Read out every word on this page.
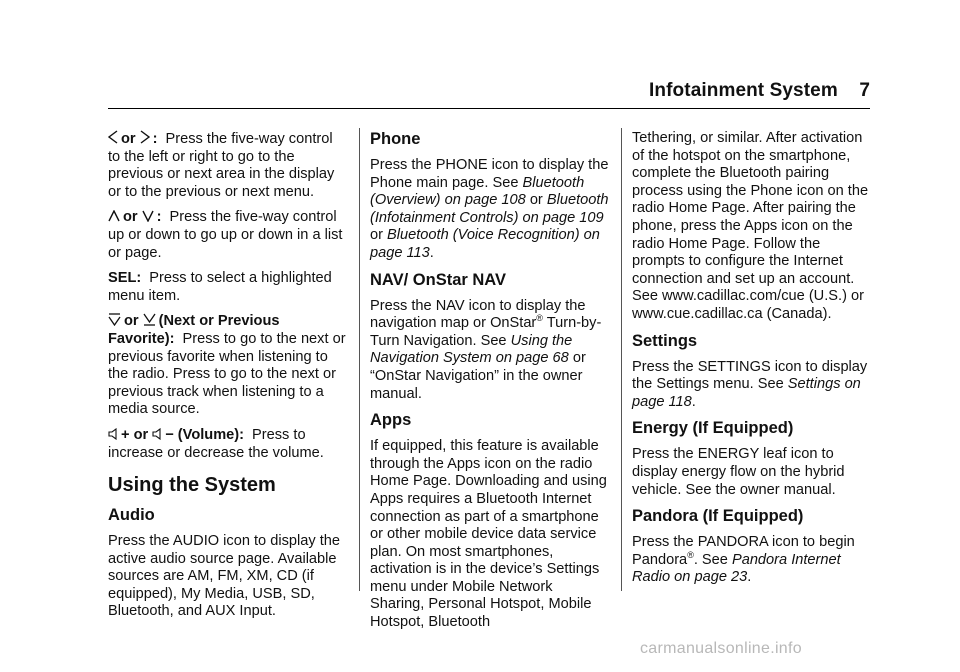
Infotainment System 7

or : Press the five-way control to the left or right to go to the previous or next area in the display or to the previous or next menu.

or : Press the five-way control up or down to go up or down in a list or page.

SEL: Press to select a highlighted menu item.

or (Next or Previous Favorite): Press to go to the next or previous favorite when listening to the radio. Press to go to the next or previous track when listening to a media source.

+ or − (Volume): Press to increase or decrease the volume.

Using the System
Audio

Press the AUDIO icon to display the active audio source page. Available sources are AM, FM, XM, CD (if equipped), My Media, USB, SD, Bluetooth, and AUX Input.

Phone

Press the PHONE icon to display the Phone main page. See Bluetooth (Overview) on page 108 or Bluetooth (Infotainment Controls) on page 109 or Bluetooth (Voice Recognition) on page 113.

NAV/ OnStar NAV

Press the NAV icon to display the navigation map or OnStar® Turn-by-Turn Navigation. See Using the Navigation System on page 68 or “OnStar Navigation” in the owner manual.

Apps

If equipped, this feature is available through the Apps icon on the radio Home Page. Downloading and using Apps requires a Bluetooth Internet connection as part of a smartphone or other mobile device data service plan. On most smartphones, activation is in the device’s Settings menu under Mobile Network Sharing, Personal Hotspot, Mobile Hotspot, Bluetooth

Tethering, or similar. After activation of the hotspot on the smartphone, complete the Bluetooth pairing process using the Phone icon on the radio Home Page. After pairing the phone, press the Apps icon on the radio Home Page. Follow the prompts to configure the Internet connection and set up an account. See www.cadillac.com/cue (U.S.) or www.cue.cadillac.ca (Canada).

Settings

Press the SETTINGS icon to display the Settings menu. See Settings on page 118.

Energy (If Equipped)

Press the ENERGY leaf icon to display energy flow on the hybrid vehicle. See the owner manual.

Pandora (If Equipped)

Press the PANDORA icon to begin Pandora®. See Pandora Internet Radio on page 23.

carmanualsonline.info
